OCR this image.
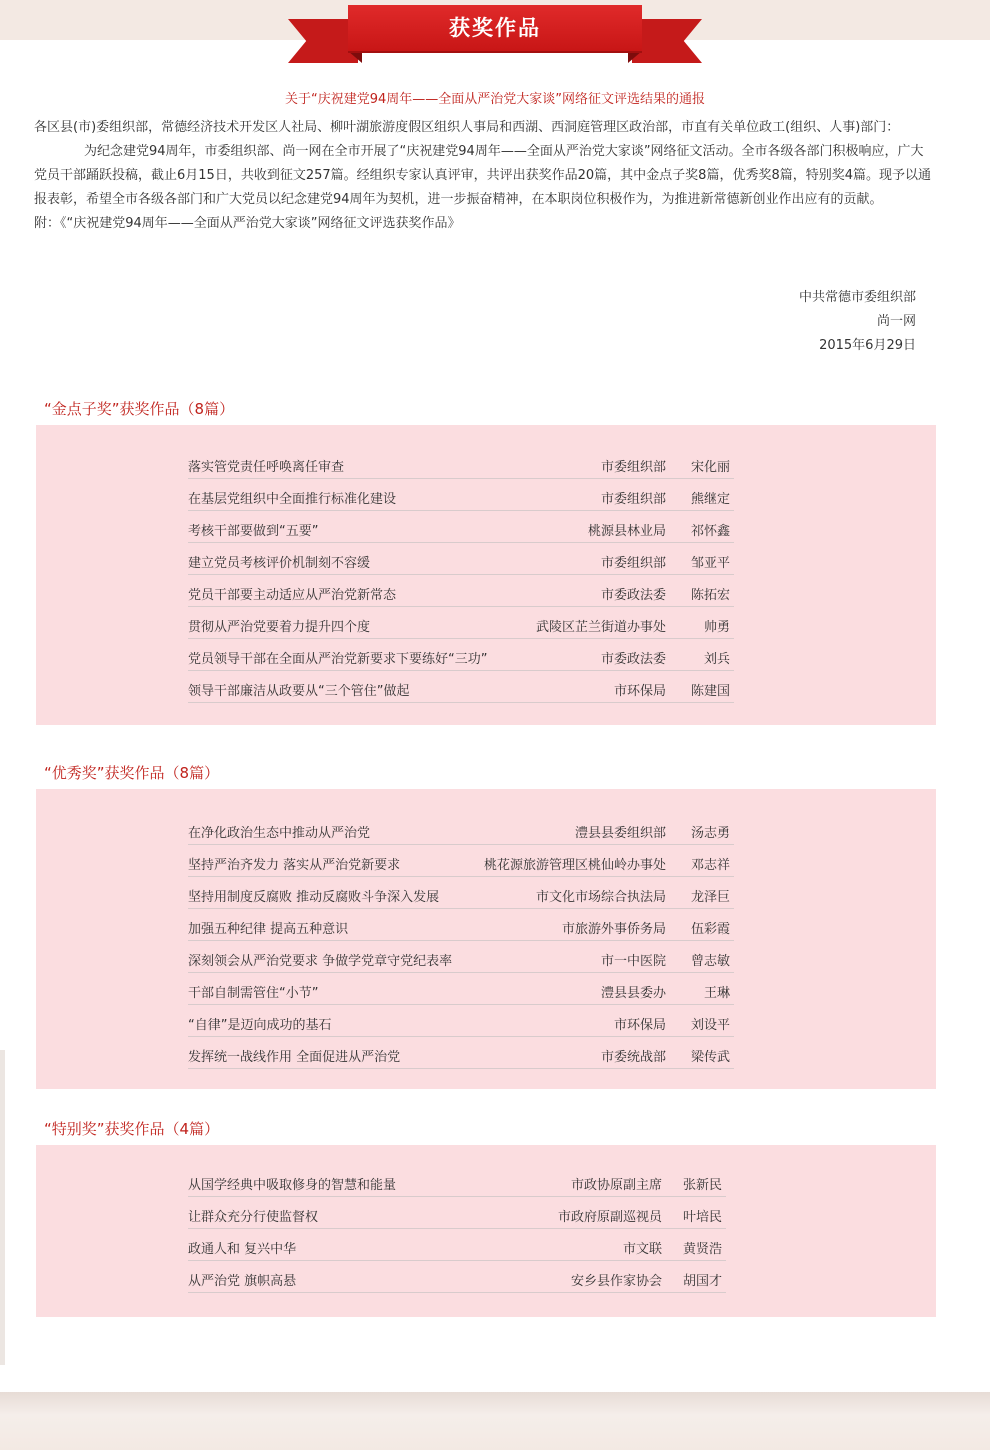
获奖作品
关于“庆祝建党94周年——全面从严治党大家谈”网络征文评选结果的通报

各区县(市)委组织部，常德经济技术开发区人社局、柳叶湖旅游度假区组织人事局和西湖、西洞庭管理区政治部，市直有关单位政工(组织、人事)部门：

为纪念建党94周年，市委组织部、尚一网在全市开展了“庆祝建党94周年——全面从严治党大家谈”网络征文活动。全市各级各部门积极响应，广大党员干部踊跃投稿，截止6月15日，共收到征文257篇。经组织专家认真评审，共评出获奖作品20篇，其中金点子奖8篇，优秀奖8篇，特别奖4篇。现予以通报表彰，希望全市各级各部门和广大党员以纪念建党94周年为契机，进一步振奋精神，在本职岗位积极作为，为推进新常德新创业作出应有的贡献。

附：《“庆祝建党94周年——全面从严治党大家谈”网络征文评选获奖作品》

中共常德市委组织部
尚一网
2015年6月29日
“金点子奖”获奖作品（8篇）
落实管党责任呼唤离任审查	市委组织部 宋化丽
在基层党组织中全面推行标准化建设	市委组织部 熊继定
考核干部要做到“五要”	桃源县林业局 祁怀鑫
建立党员考核评价机制刻不容缓	市委组织部 邹亚平
党员干部要主动适应从严治党新常态	市委政法委 陈拓宏
贯彻从严治党要着力提升四个度	武陵区芷兰街道办事处	帅勇
党员领导干部在全面从严治党新要求下要练好“三功”	市委政法委	刘兵
领导干部廉洁从政要从“三个管住”做起	市环保局 陈建国
“优秀奖”获奖作品（8篇）
在净化政治生态中推动从严治党	澧县县委组织部 汤志勇
坚持严治齐发力 落实从严治党新要求	桃花源旅游管理区桃仙岭办事处 邓志祥
坚持用制度反腐败 推动反腐败斗争深入发展	市文化市场综合执法局 龙泽巨
加强五种纪律 提高五种意识	市旅游外事侨务局 伍彩霞
深刻领会从严治党要求 争做学党章守党纪表率	市一中医院 曾志敏
干部自制需管住“小节”	澧县县委办	王琳
“自律”是迈向成功的基石	市环保局 刘设平
发挥统一战线作用 全面促进从严治党	市委统战部 梁传武
“特别奖”获奖作品（4篇）
从国学经典中吸取修身的智慧和能量	市政协原副主席 张新民
让群众充分行使监督权	市政府原副巡视员 叶培民
政通人和 复兴中华	市文联 黄贤浩
从严治党 旗帜高悬	安乡县作家协会 胡国才
